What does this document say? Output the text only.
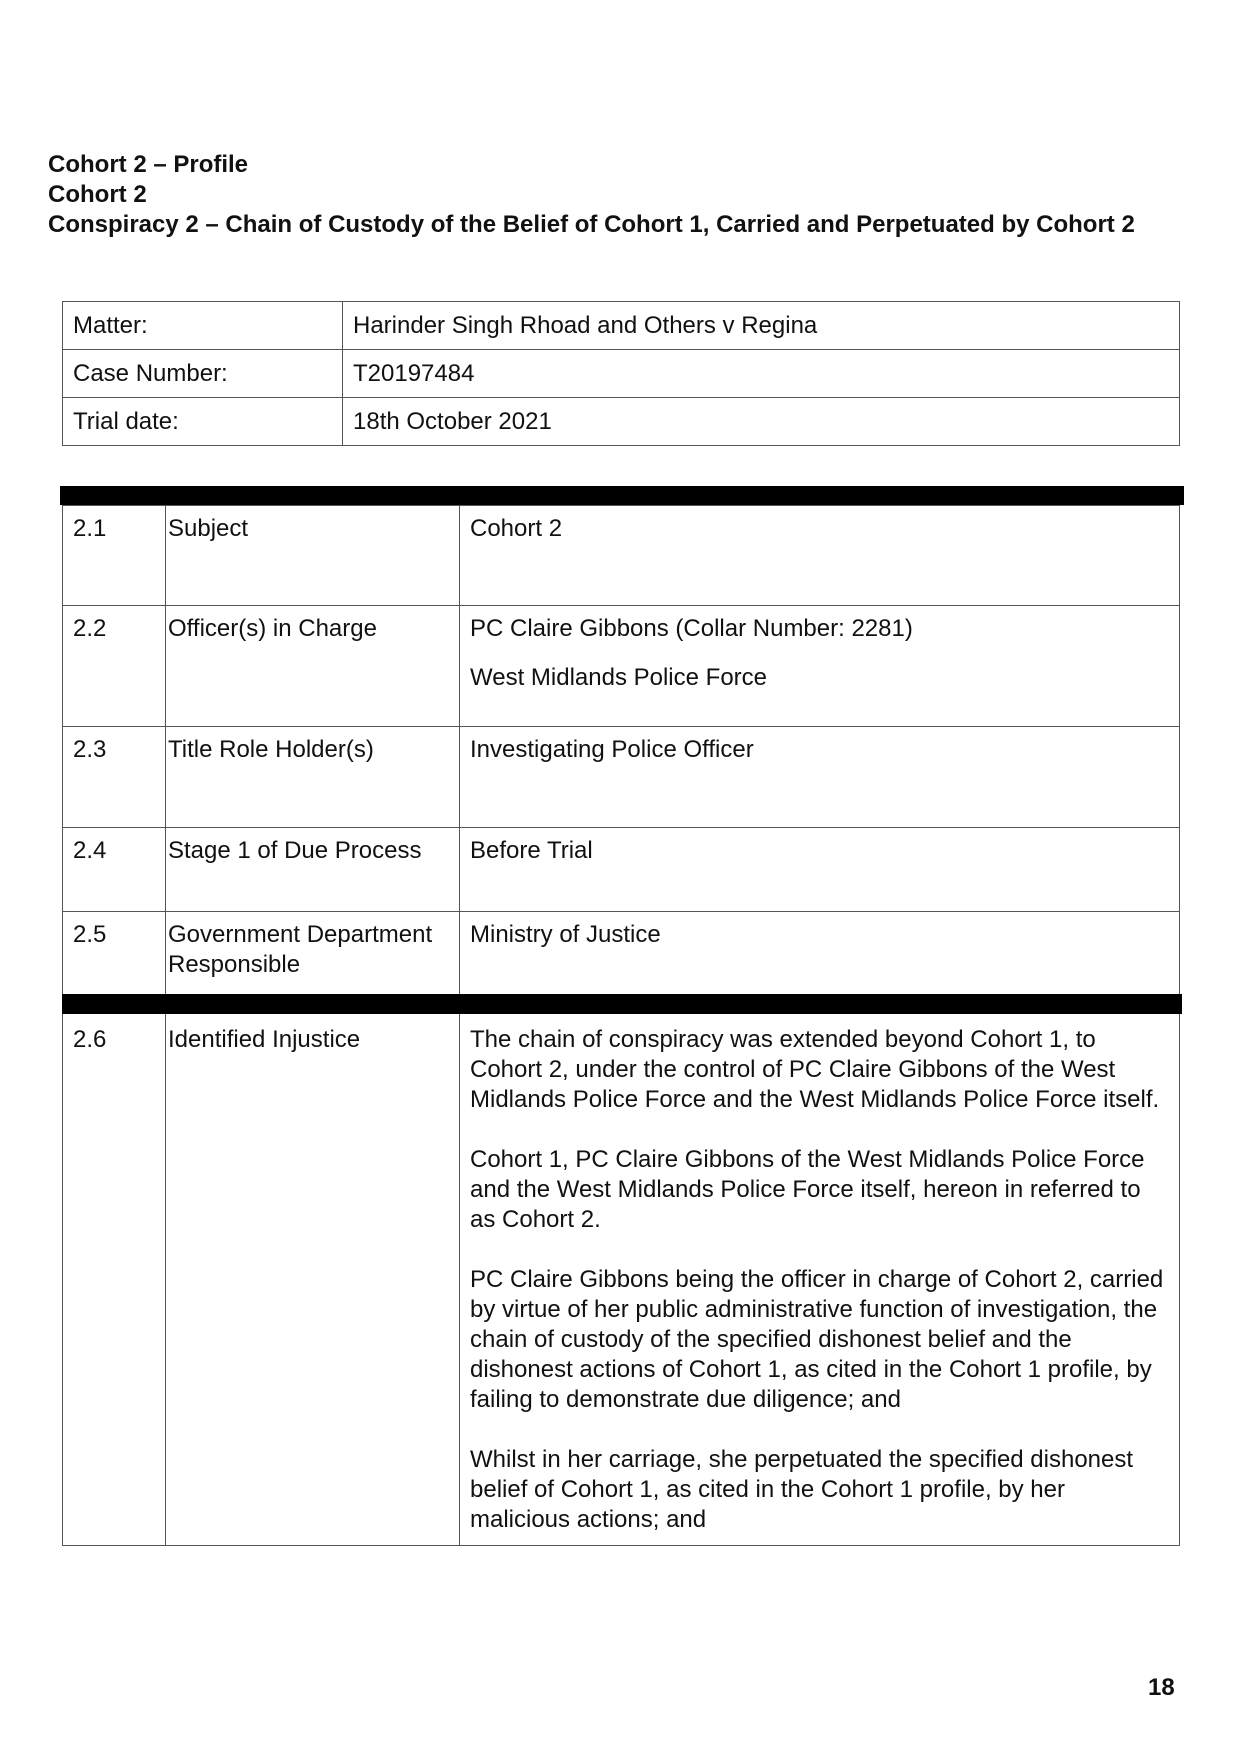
Cohort 2 – Profile
Cohort 2
Conspiracy 2 – Chain of Custody of the Belief of Cohort 1, Carried and Perpetuated by Cohort 2
Matter:	Harinder Singh Rhoad and Others v Regina
Case Number:	T20197484
Trial date:	18th October 2021
2.1	Subject	Cohort 2
2.2	Officer(s) in Charge	PC Claire Gibbons (Collar Number: 2281)
West Midlands Police Force

2.3	Title Role Holder(s)	Investigating Police Officer
2.4	Stage 1 of Due Process	Before Trial
2.5	Government Department Responsible	Ministry of Justice
2.6	Identified Injustice	The chain of conspiracy was extended beyond Cohort 1, to Cohort 2, under the control of PC Claire Gibbons of the West Midlands Police Force and the West Midlands Police Force itself.

Cohort 1, PC Claire Gibbons of the West Midlands Police Force and the West Midlands Police Force itself, hereon in referred to as Cohort 2.

PC Claire Gibbons being the officer in charge of Cohort 2, carried by virtue of her public administrative function of investigation, the chain of custody of the specified dishonest belief and the dishonest actions of Cohort 1, as cited in the Cohort 1 profile, by failing to demonstrate due diligence; and

Whilst in her carriage, she perpetuated the specified dishonest belief of Cohort 1, as cited in the Cohort 1 profile, by her malicious actions; and

18
